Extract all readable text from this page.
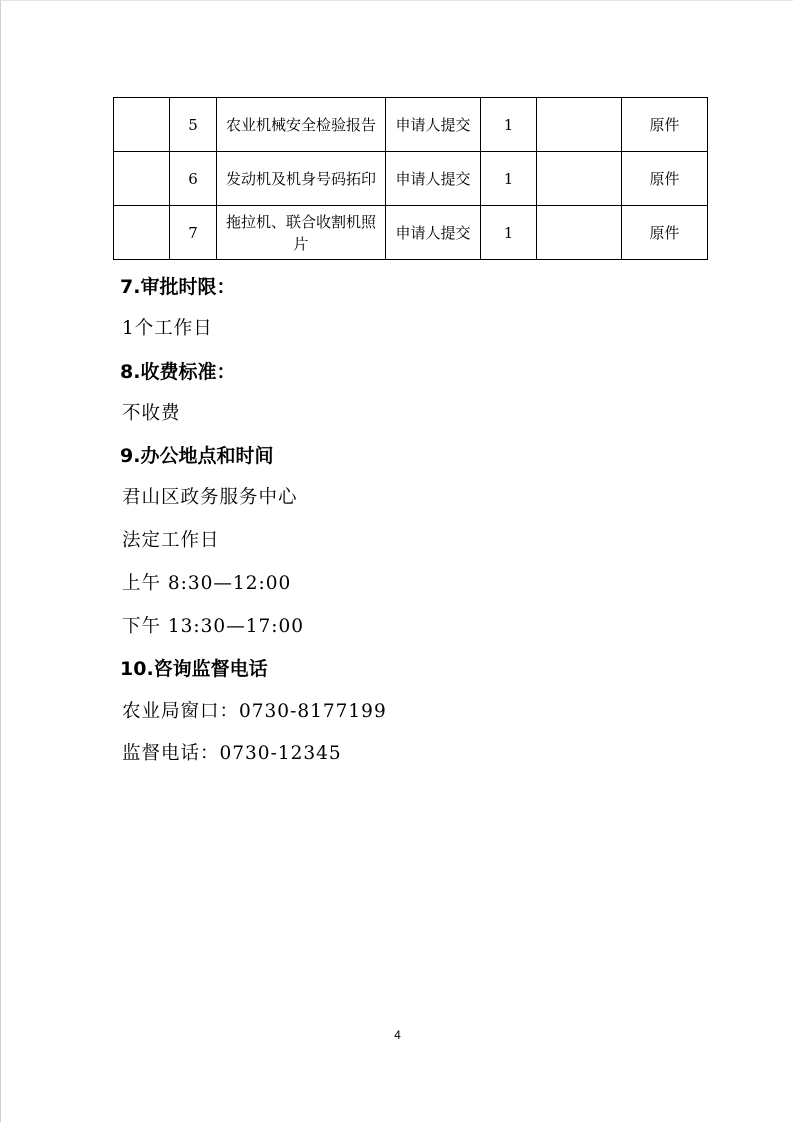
	5	农业机械安全检验报告	申请人提交	1		原件
	6	发动机及机身号码拓印	申请人提交	1		原件
	7	拖拉机、联合收割机照片	申请人提交	1		原件
7.审批时限：

1个工作日

8.收费标准：

不收费

9.办公地点和时间

君山区政务服务中心

法定工作日

上午 8:30—12:00

下午 13:30—17:00

10.咨询监督电话

农业局窗口：0730-8177199

监督电话：0730-12345

4
